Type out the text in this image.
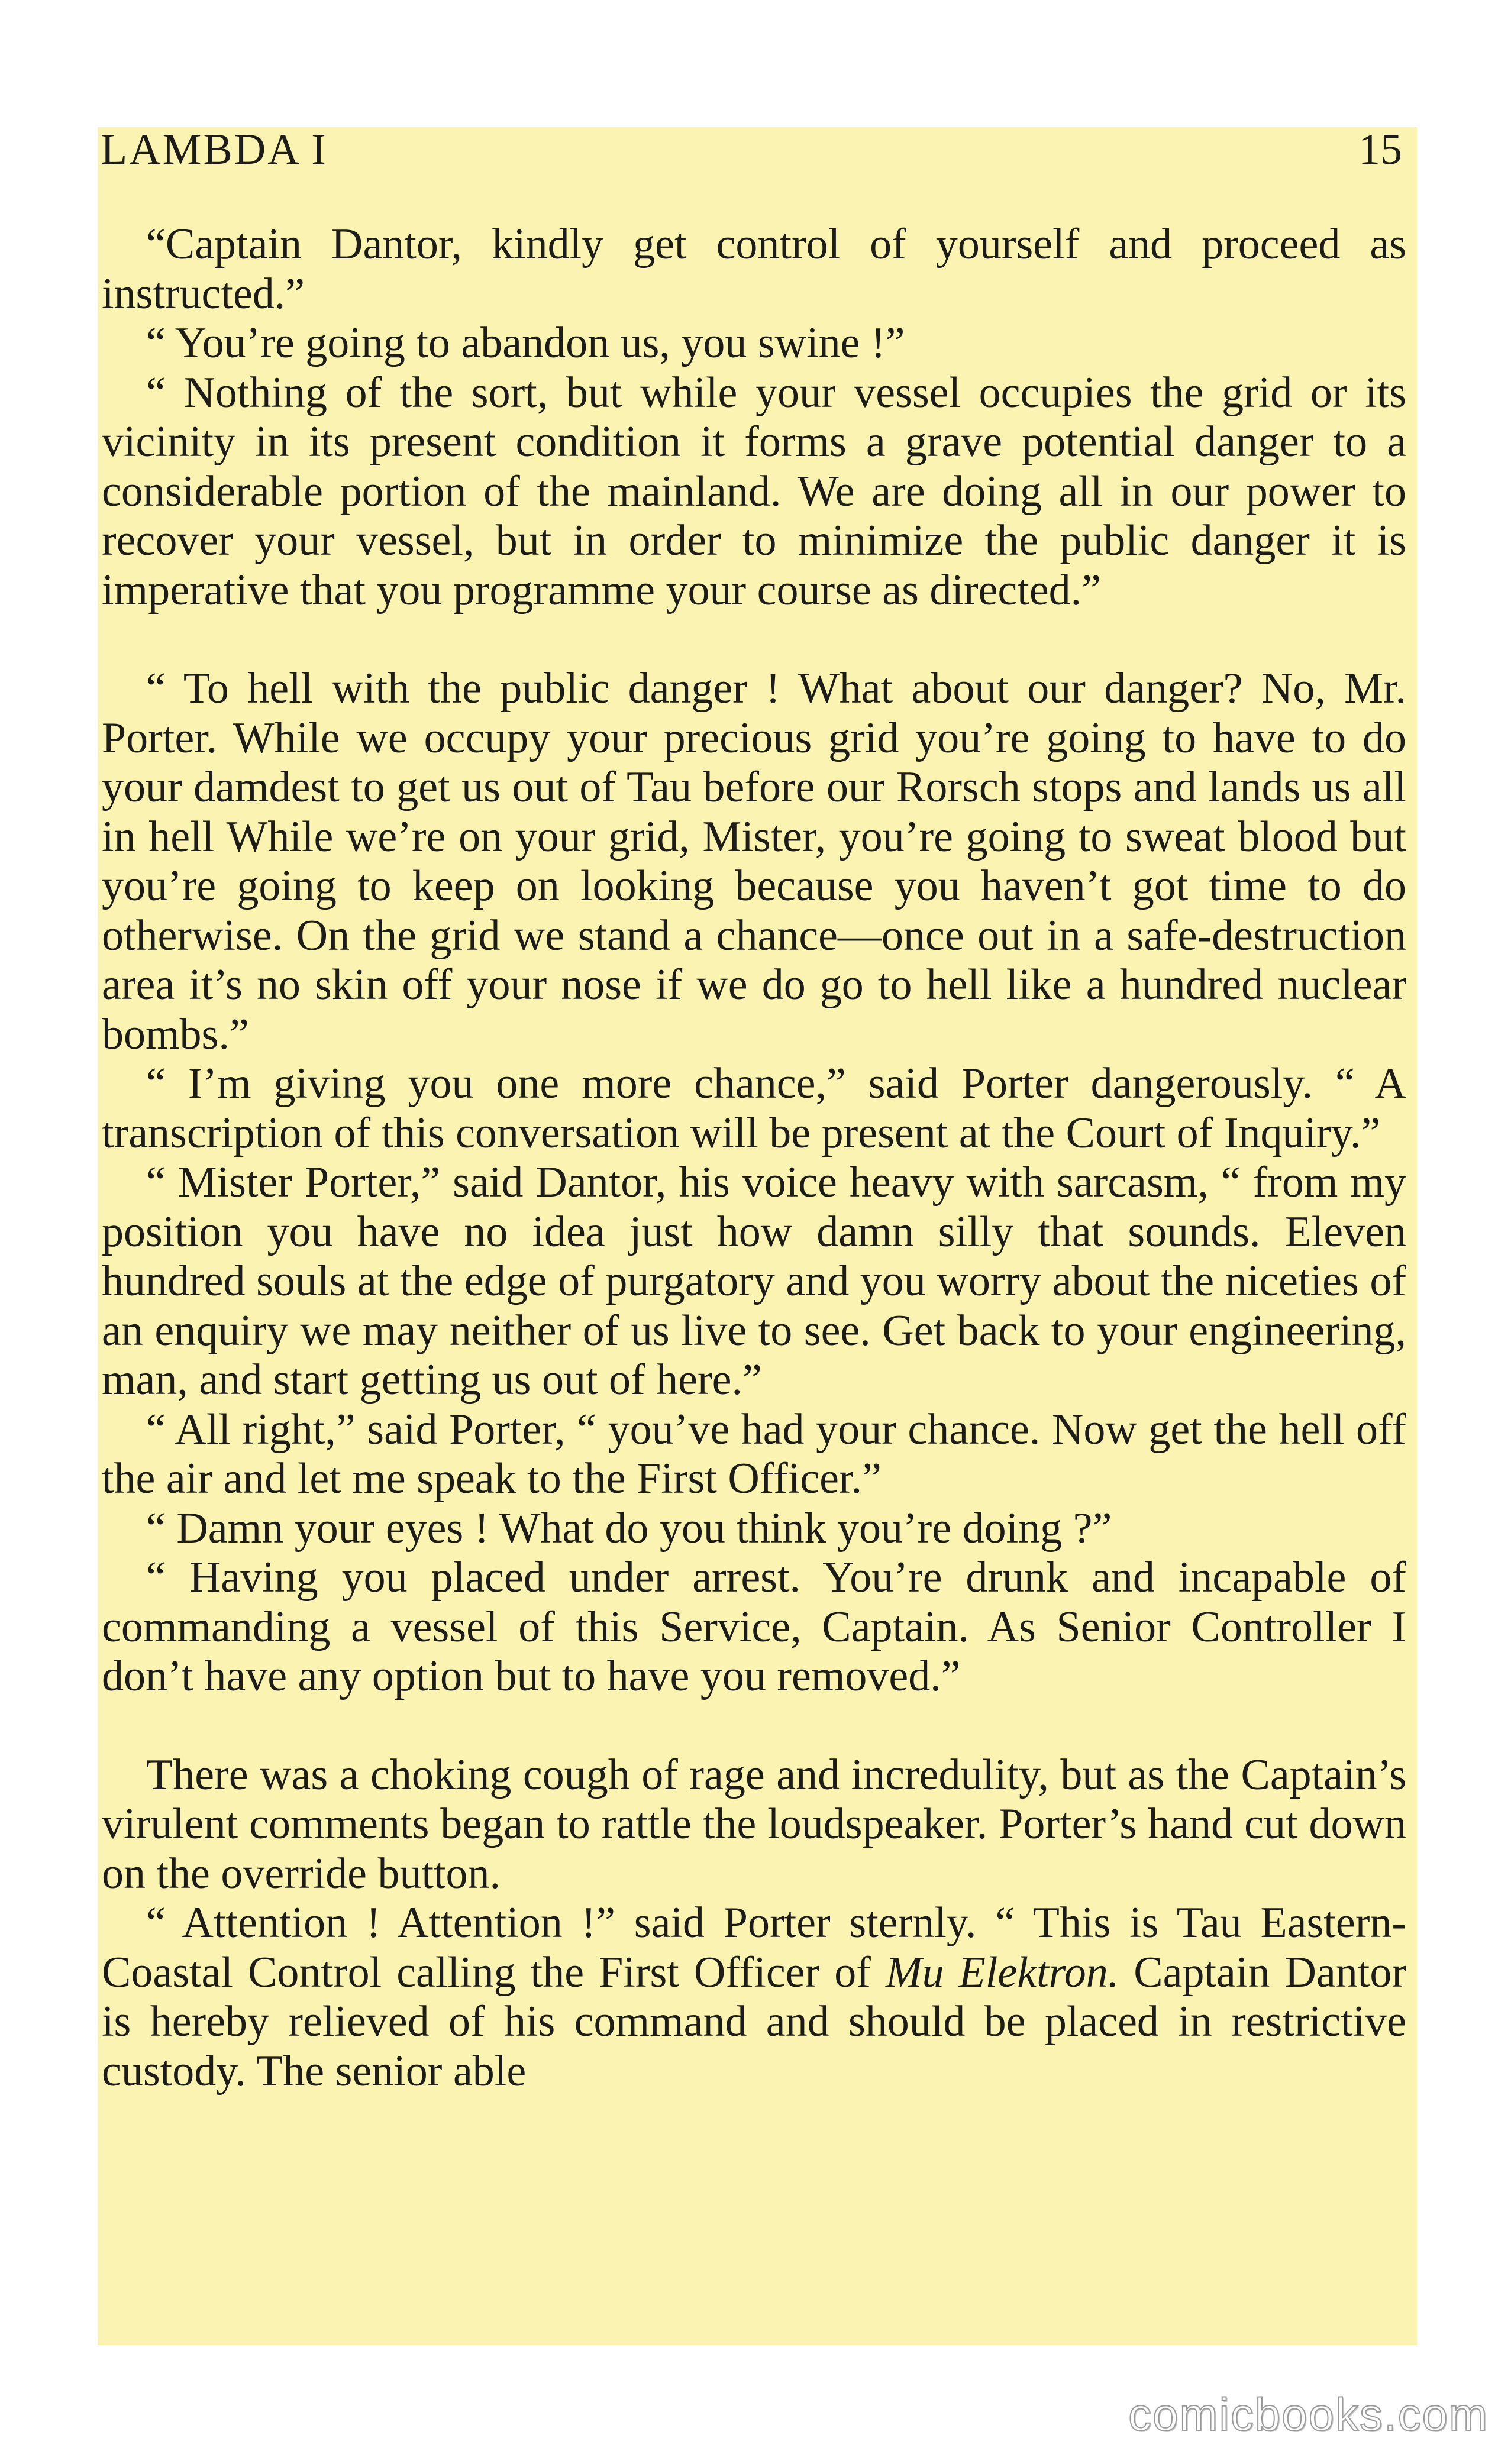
LAMBDA I	15

“Captain Dantor, kindly get control of yourself and proceed as instructed.”

“ You’re going to abandon us, you swine !”

“ Nothing of the sort, but while your vessel occupies the grid or its vicinity in its present condition it forms a grave potential danger to a considerable portion of the mainland. We are doing all in our power to recover your vessel, but in order to minimize the public danger it is imperative that you programme your course as directed.”

“ To hell with the public danger ! What about our danger? No, Mr. Porter. While we occupy your precious grid you’re going to have to do your damdest to get us out of Tau before our Rorsch stops and lands us all in hell While we’re on your grid, Mister, you’re going to sweat blood but you’re going to keep on looking because you haven’t got time to do otherwise. On the grid we stand a chance—once out in a safe-destruction area it’s no skin off your nose if we do go to hell like a hundred nuclear bombs.”

“ I’m giving you one more chance,” said Porter dangerously. “ A transcription of this conversation will be present at the Court of Inquiry.”

“ Mister Porter,” said Dantor, his voice heavy with sarcasm, “ from my position you have no idea just how damn silly that sounds. Eleven hundred souls at the edge of purgatory and you worry about the niceties of an enquiry we may neither of us live to see. Get back to your engineering, man, and start getting us out of here.”

“ All right,” said Porter, “ you’ve had your chance. Now get the hell off the air and let me speak to the First Officer.”

“ Damn your eyes ! What do you think you’re doing ?”

“ Having you placed under arrest. You’re drunk and incapable of commanding a vessel of this Service, Captain. As Senior Controller I don’t have any option but to have you removed.”

There was a choking cough of rage and incredulity, but as the Captain’s virulent comments began to rattle the loudspeaker. Porter’s hand cut down on the override button.

“ Attention ! Attention !” said Porter sternly. “ This is Tau Eastern-Coastal Control calling the First Officer of Mu Elektron. Captain Dantor is hereby relieved of his command and should be placed in restrictive custody. The senior able

comicbooks.com
